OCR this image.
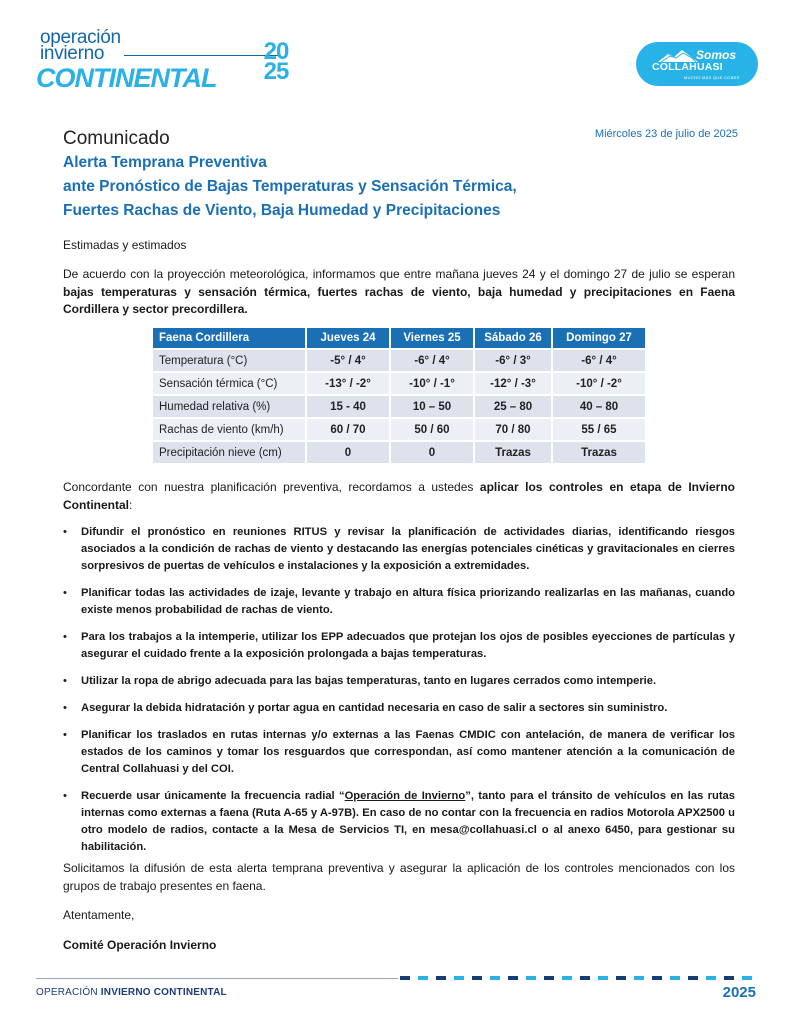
operación
invierno
CONTINENTAL
20
25
Somos
COLLAHUASI
MUCHO MÁS QUE COBRE
Comunicado	Miércoles 23 de julio de 2025
Alerta Temprana Preventiva
ante Pronóstico de Bajas Temperaturas y Sensación Térmica,
Fuertes Rachas de Viento, Baja Humedad y Precipitaciones
Estimadas y estimados
De acuerdo con la proyección meteorológica, informamos que entre mañana jueves 24 y el domingo 27 de julio se esperan bajas temperaturas y sensación térmica, fuertes rachas de viento, baja humedad y precipitaciones en Faena Cordillera y sector precordillera.
Faena Cordillera	Jueves 24	Viernes 25	Sábado 26	Domingo 27
Temperatura (°C)	-5° / 4°	-6° / 4°	-6° / 3°	-6° / 4°
Sensación térmica (°C)	-13° / -2°	-10° / -1°	-12° / -3°	-10° / -2°
Humedad relativa (%)	15 - 40	10 – 50	25 – 80	40 – 80
Rachas de viento (km/h)	60 / 70	50 / 60	70 / 80	55 / 65
Precipitación nieve (cm)	0	0	Trazas	Trazas
Concordante con nuestra planificación preventiva, recordamos a ustedes aplicar los controles en etapa de Invierno Continental:
• Difundir el pronóstico en reuniones RITUS y revisar la planificación de actividades diarias, identificando riesgos asociados a la condición de rachas de viento y destacando las energías potenciales cinéticas y gravitacionales en cierres sorpresivos de puertas de vehículos e instalaciones y la exposición a extremidades.
• Planificar todas las actividades de izaje, levante y trabajo en altura física priorizando realizarlas en las mañanas, cuando existe menos probabilidad de rachas de viento.
• Para los trabajos a la intemperie, utilizar los EPP adecuados que protejan los ojos de posibles eyecciones de partículas y asegurar el cuidado frente a la exposición prolongada a bajas temperaturas.
• Utilizar la ropa de abrigo adecuada para las bajas temperaturas, tanto en lugares cerrados como intemperie.
• Asegurar la debida hidratación y portar agua en cantidad necesaria en caso de salir a sectores sin suministro.
• Planificar los traslados en rutas internas y/o externas a las Faenas CMDIC con antelación, de manera de verificar los estados de los caminos y tomar los resguardos que correspondan, así como mantener atención a la comunicación de Central Collahuasi y del COI.
• Recuerde usar únicamente la frecuencia radial “Operación de Invierno”, tanto para el tránsito de vehículos en las rutas internas como externas a faena (Ruta A-65 y A-97B). En caso de no contar con la frecuencia en radios Motorola APX2500 u otro modelo de radios, contacte a la Mesa de Servicios TI, en mesa@collahuasi.cl o al anexo 6450, para gestionar su habilitación.
Solicitamos la difusión de esta alerta temprana preventiva y asegurar la aplicación de los controles mencionados con los grupos de trabajo presentes en faena.
Atentamente,
Comité Operación Invierno
OPERACIÓN INVIERNO CONTINENTAL	2025
